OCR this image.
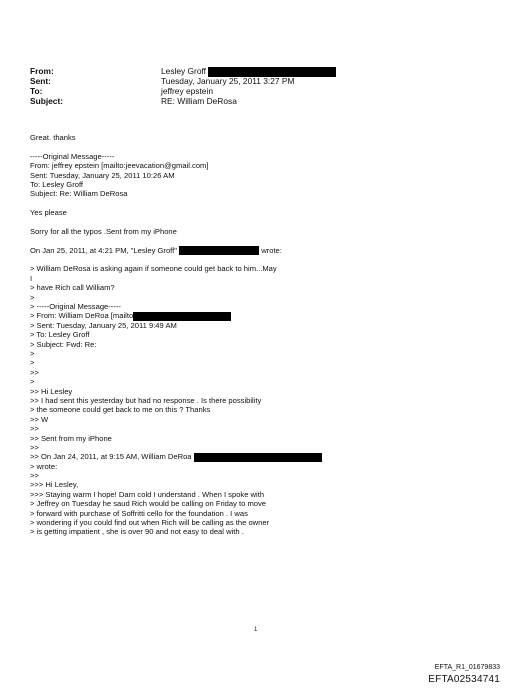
From:	Lesley Groff
Sent:	Tuesday, January 25, 2011 3:27 PM
To:	jeffrey epstein
Subject:	RE: William DeRosa
Great. thanks
-----Original Message-----
From: jeffrey epstein [mailto:jeevacation@gmail.com]
Sent: Tuesday, January 25, 2011 10:26 AM
To: Lesley Groff
Subject: Re: William DeRosa
Yes please
Sorry for all the typos .Sent from my iPhone
On Jan 25, 2011, at 4:21 PM, "Lesley Groff"	wrote:
> William DeRosa is asking again if someone could get back to him...May
I
> have Rich call William?
>
> -----Original Message-----
> From: William DeRoa [mailto
> Sent: Tuesday, January 25, 2011 9:49 AM
> To: Lesley Groff
> Subject: Fwd: Re:
>
>
>>
>
>> Hi Lesley
>> I had sent this yesterday but had no response . Is there possibility
> the someone could get back to me on this ? Thanks
>> W
>>
>> Sent from my iPhone
>>
>> On Jan 24, 2011, at 9:15 AM, William DeRoa
> wrote:
>>
>>> Hi Lesley,
>>> Staying warm I hope! Darn cold I understand . When I spoke with
> Jeffrey on Tuesday he saud Rich would be calling on Friday to move
> forward with purchase of Soffritti cello for the foundation . I was
> wondering if you could find out when Rich will be calling as the owner
> is getting impatient , she is over 90 and not easy to deal with .
1
EFTA_R1_01679833
EFTA02534741
